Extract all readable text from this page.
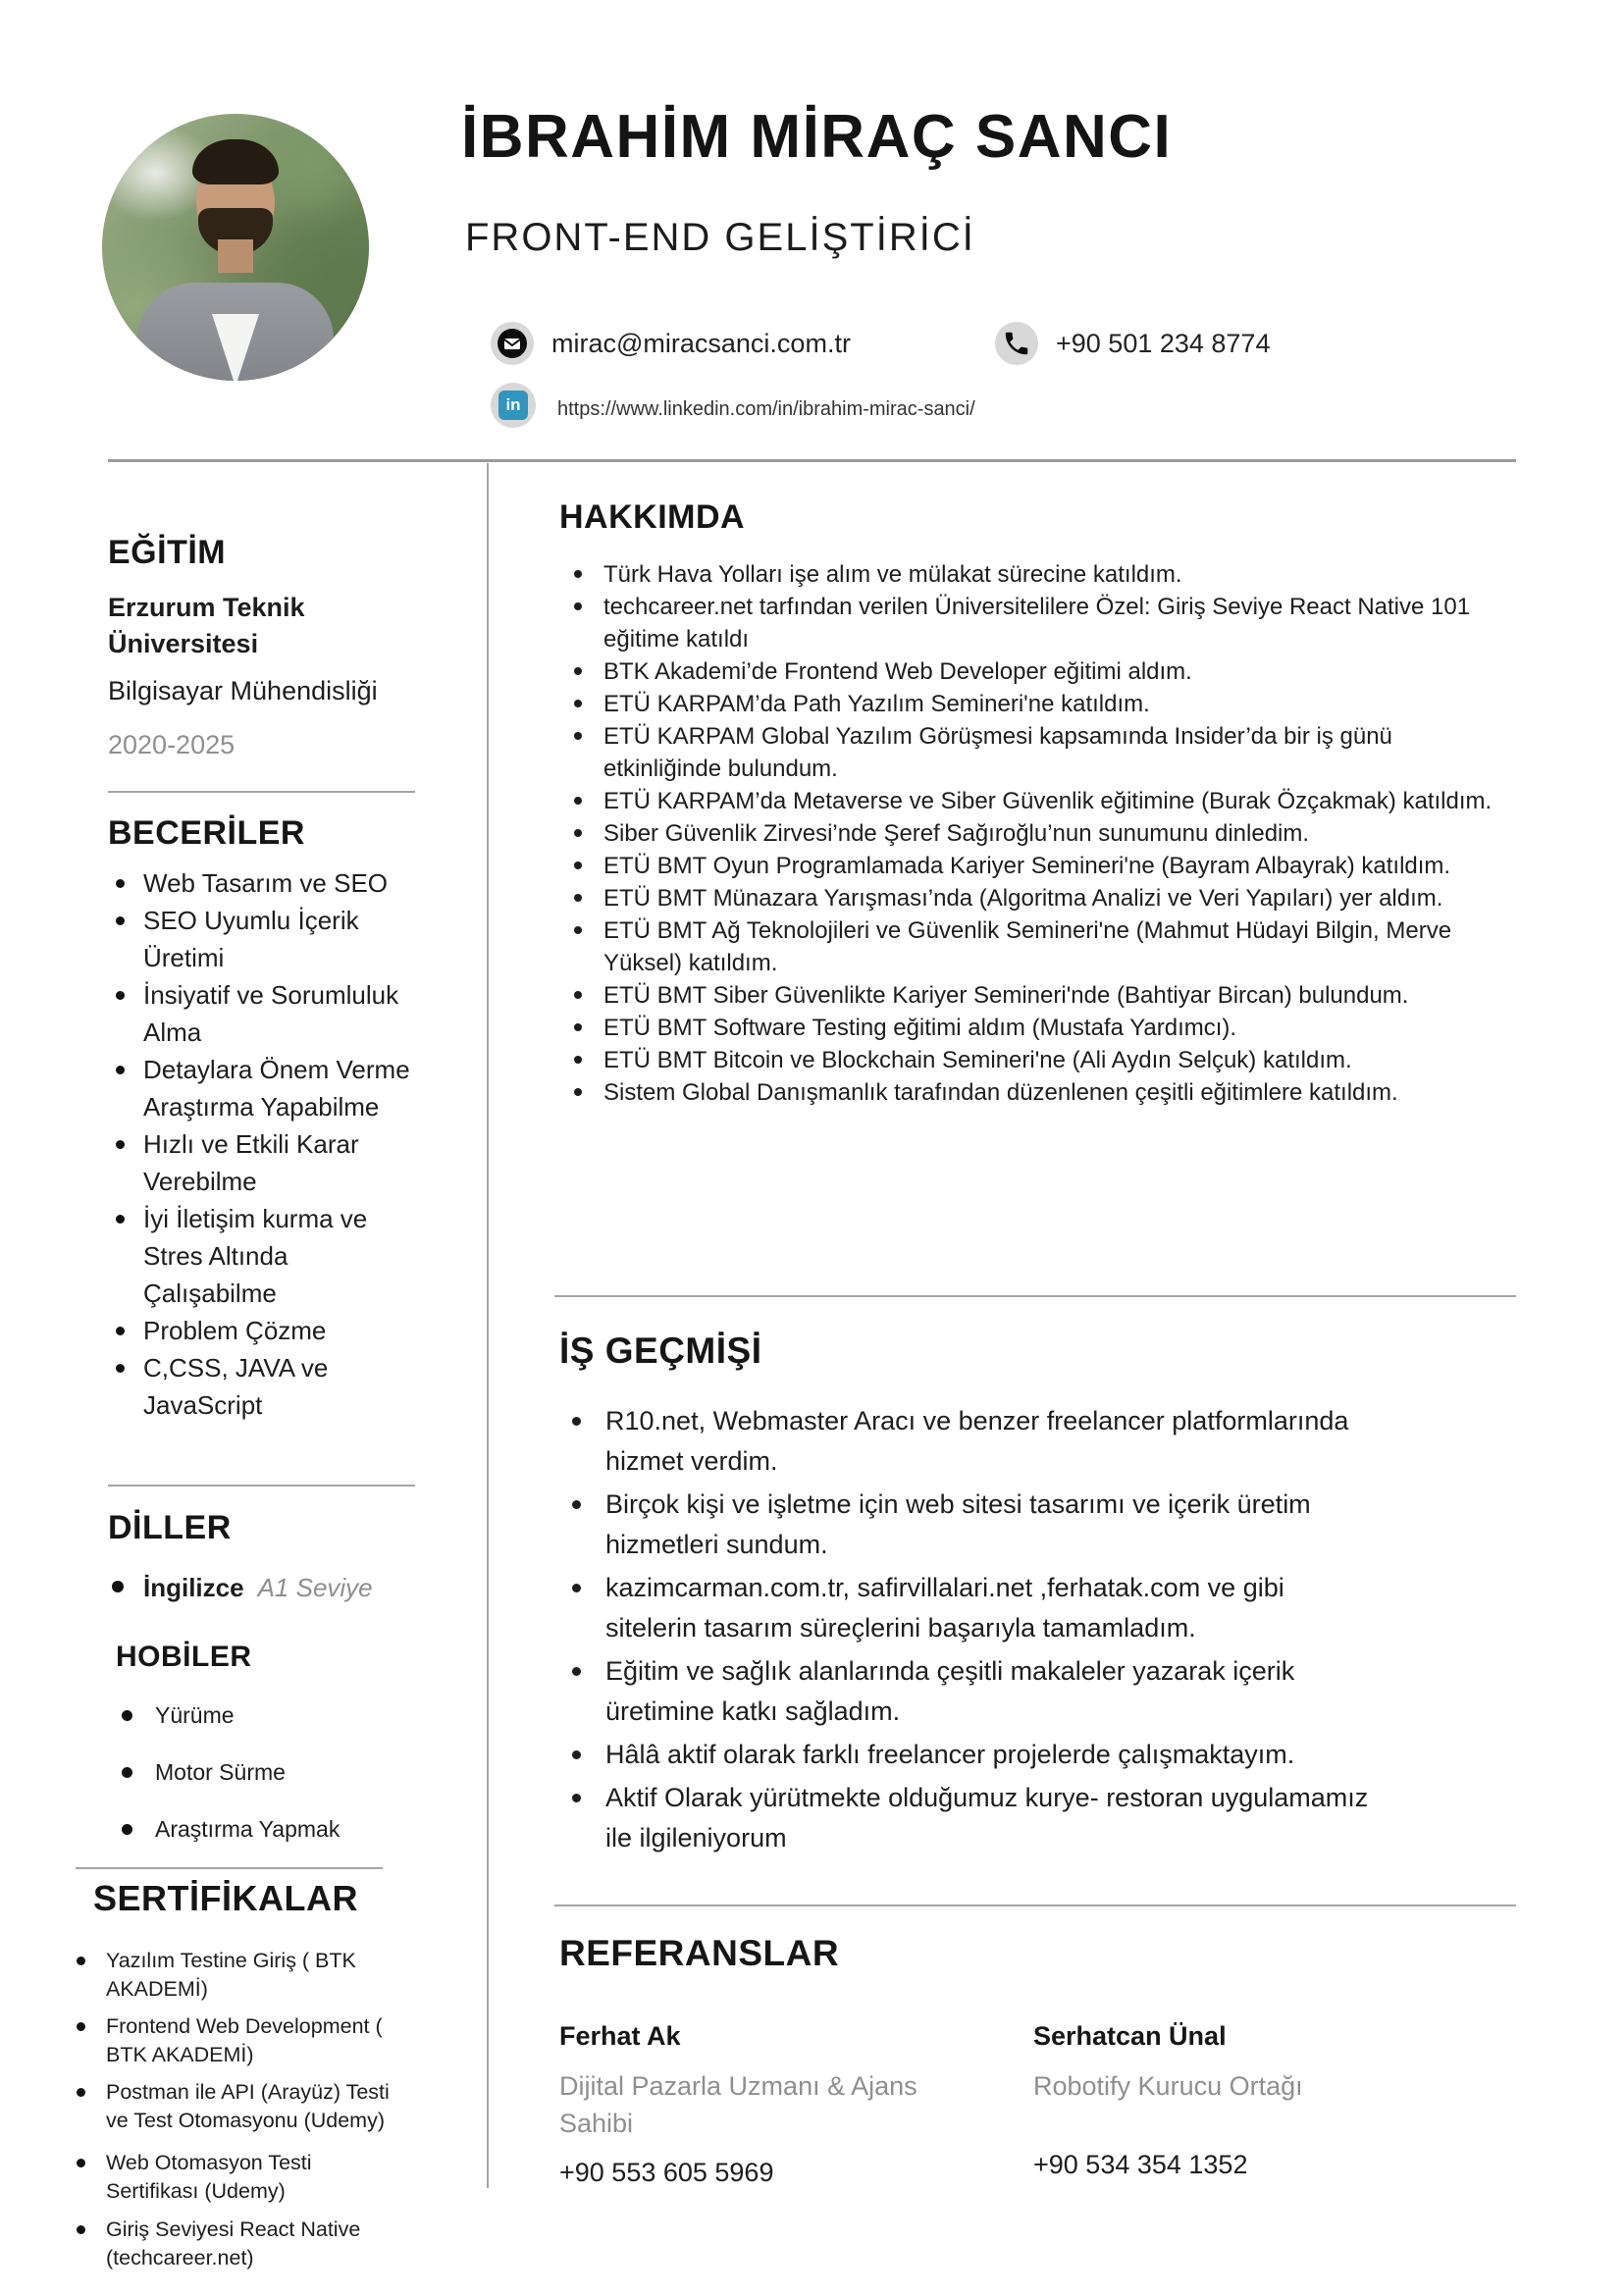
İBRAHİM MİRAÇ SANCI
FRONT-END GELİŞTİRİCİ
mirac@miracsanci.com.tr	+90 501 234 8774
in	https://www.linkedin.com/in/ibrahim-mirac-sanci/
EĞİTİM
Erzurum Teknik Üniversitesi
Bilgisayar Mühendisliği
2020-2025
BECERİLER
Web Tasarım ve SEO
SEO Uyumlu İçerik Üretimi
İnsiyatif ve Sorumluluk Alma
Detaylara Önem Verme Araştırma Yapabilme
Hızlı ve Etkili Karar Verebilme
İyi İletişim kurma ve Stres Altında Çalışabilme
Problem Çözme
C,CSS, JAVA ve JavaScript
DİLLER
İngilizce A1 Seviye
HOBİLER
Yürüme
Motor Sürme
Araştırma Yapmak
SERTİFİKALAR
Yazılım Testine Giriş ( BTK AKADEMİ)
Frontend Web Development ( BTK AKADEMİ)
Postman ile API (Arayüz) Testi ve Test Otomasyonu (Udemy)
Web Otomasyon Testi Sertifikası (Udemy)
Giriş Seviyesi React Native (techcareer.net)
HAKKIMDA
Türk Hava Yolları işe alım ve mülakat sürecine katıldım.
techcareer.net tarfından verilen Üniversitelilere Özel: Giriş Seviye React Native 101 eğitime katıldı
BTK Akademi’de Frontend Web Developer eğitimi aldım.
ETÜ KARPAM’da Path Yazılım Semineri'ne katıldım.
ETÜ KARPAM Global Yazılım Görüşmesi kapsamında Insider’da bir iş günü etkinliğinde bulundum.
ETÜ KARPAM’da Metaverse ve Siber Güvenlik eğitimine (Burak Özçakmak) katıldım.
Siber Güvenlik Zirvesi’nde Şeref Sağıroğlu’nun sunumunu dinledim.
ETÜ BMT Oyun Programlamada Kariyer Semineri'ne (Bayram Albayrak) katıldım.
ETÜ BMT Münazara Yarışması’nda (Algoritma Analizi ve Veri Yapıları) yer aldım.
ETÜ BMT Ağ Teknolojileri ve Güvenlik Semineri'ne (Mahmut Hüdayi Bilgin, Merve Yüksel) katıldım.
ETÜ BMT Siber Güvenlikte Kariyer Semineri'nde (Bahtiyar Bircan) bulundum.
ETÜ BMT Software Testing eğitimi aldım (Mustafa Yardımcı).
ETÜ BMT Bitcoin ve Blockchain Semineri'ne (Ali Aydın Selçuk) katıldım.
Sistem Global Danışmanlık tarafından düzenlenen çeşitli eğitimlere katıldım.
İŞ GEÇMİŞİ
R10.net, Webmaster Aracı ve benzer freelancer platformlarında hizmet verdim.
Birçok kişi ve işletme için web sitesi tasarımı ve içerik üretim hizmetleri sundum.
kazimcarman.com.tr, safirvillalari.net ,ferhatak.com ve gibi sitelerin tasarım süreçlerini başarıyla tamamladım.
Eğitim ve sağlık alanlarında çeşitli makaleler yazarak içerik üretimine katkı sağladım.
Hâlâ aktif olarak farklı freelancer projelerde çalışmaktayım.
Aktif Olarak yürütmekte olduğumuz kurye- restoran uygulamamız ile ilgileniyorum
REFERANSLAR
Ferhat Ak
Dijital Pazarla Uzmanı & Ajans Sahibi
+90 553 605 5969
Serhatcan Ünal
Robotify Kurucu Ortağı
+90 534 354 1352
